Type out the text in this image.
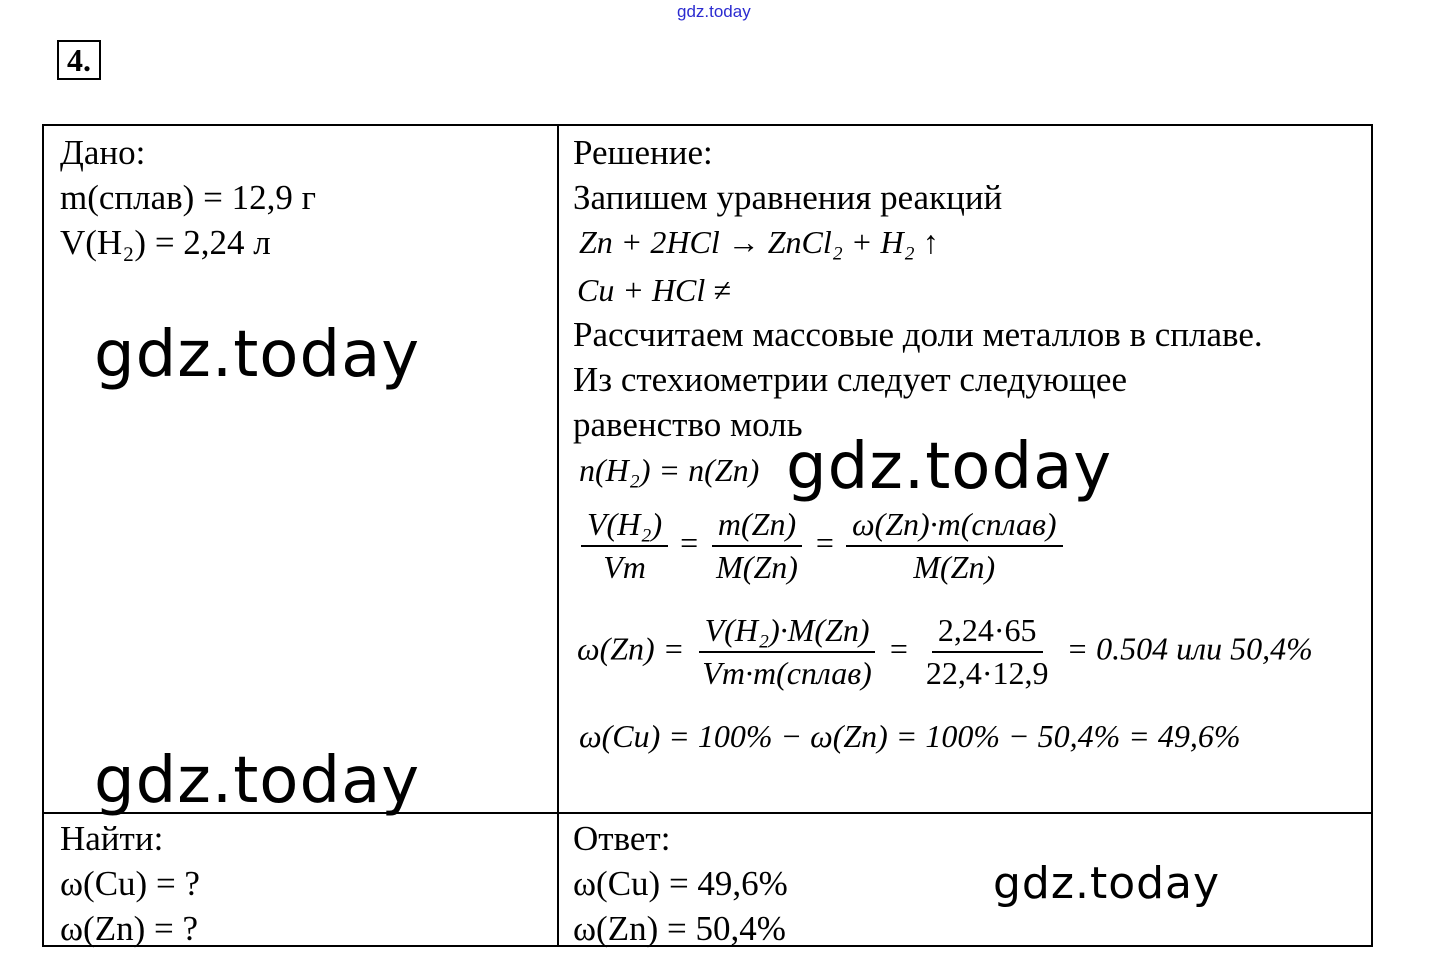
gdz.today
4.
Дано:
m(сплав) = 12,9 г
V(H₂) = 2,24 л
Найти:
ω(Cu) = ?
ω(Zn) = ?
Решение:
Запишем уравнения реакций
Zn + 2HCl → ZnCl₂ + H₂ ↑
Cu + HCl ≠
Рассчитаем массовые доли металлов в сплаве.
Из стехиометрии следует следующее
равенство моль
n(H₂) = n(Zn)
$\frac{\text{V(H₂)}}{Vm} = \frac{m(Zn)}{M(Zn)} = \frac{\text{ω(Zn)·m(сплав)}}{M(Zn)}$
$\omega(Zn) = \frac{\text{V(H₂)·M(Zn)}}{\text{Vm·m(сплав)}} = \frac{2,24\cdot 65}{22,4\cdot 12,9} = 0.504$ или 50,4%
ω(Cu) = 100% − ω(Zn) = 100% − 50,4% = 49,6%
Ответ:
ω(Cu) = 49,6%
ω(Zn) = 50,4%
gdz.today
gdz.today
gdz.today
gdz.today
